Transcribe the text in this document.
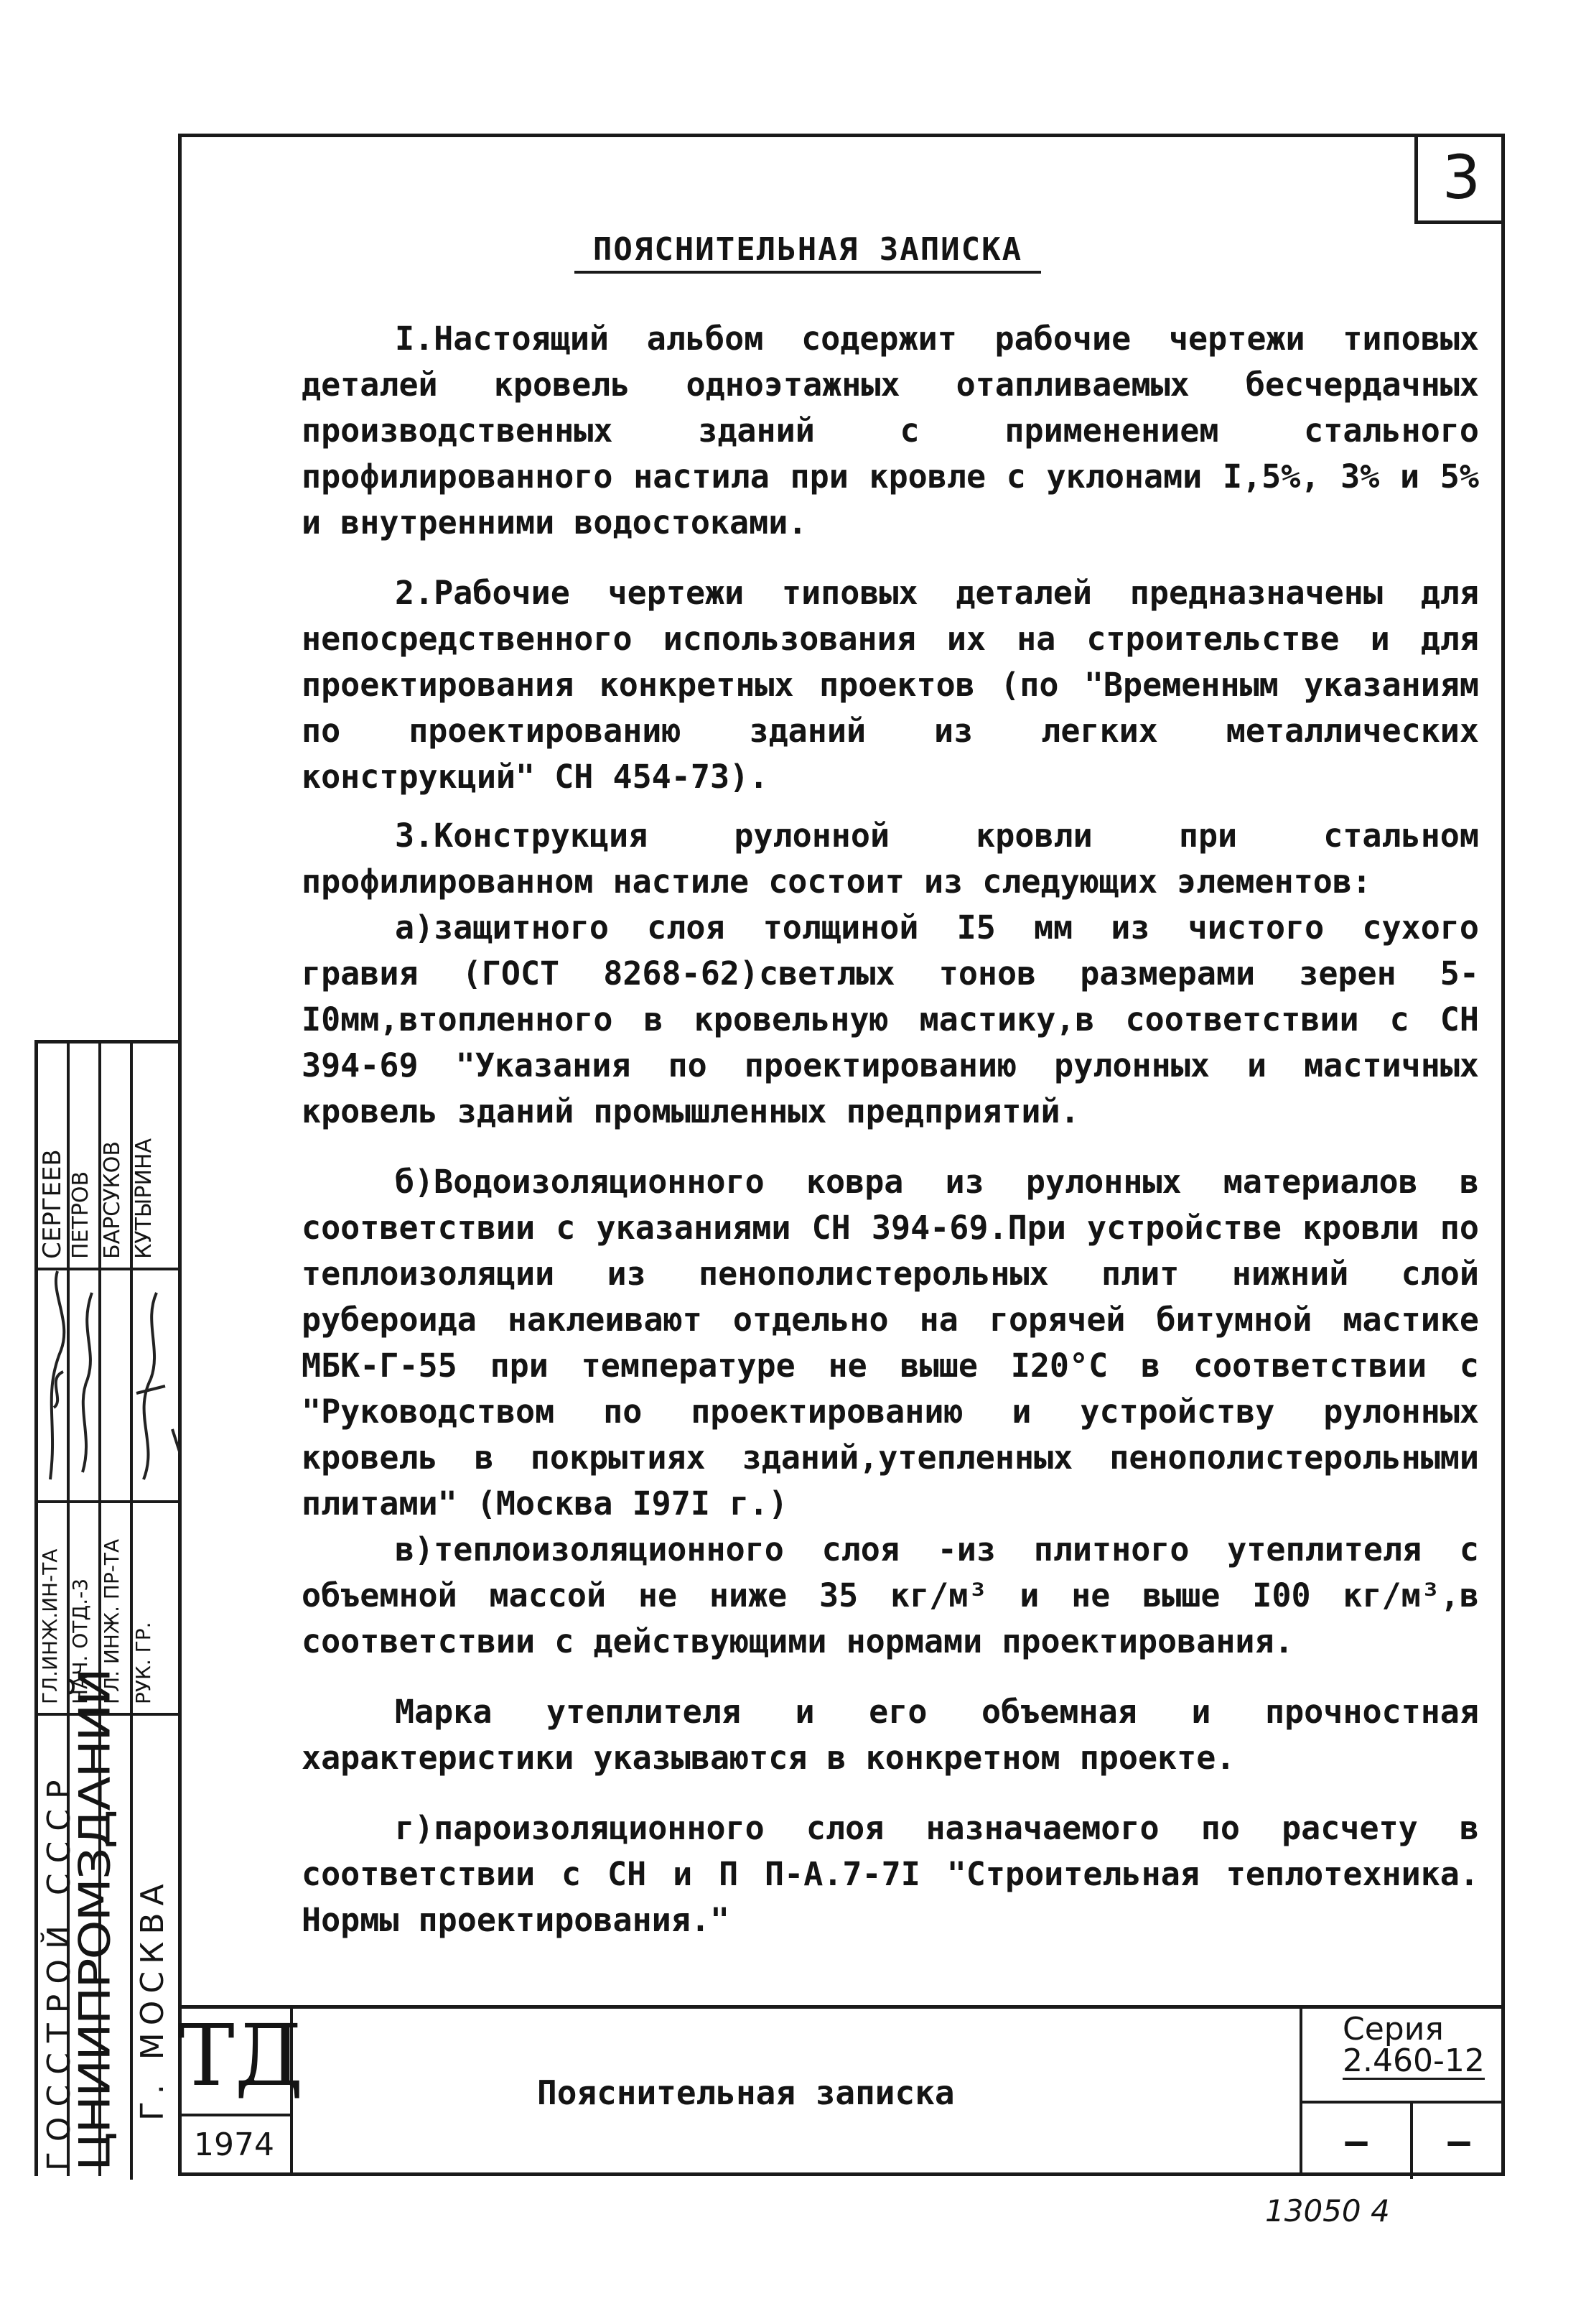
3
ПОЯСНИТЕЛЬНАЯ ЗАПИСКА

I.Настоящий альбом содержит рабочие чертежи типовых деталей кровель одноэтажных отапливаемых бесчердачных производственных зданий с применением стального профилированного настила при кровле с уклонами I,5%, 3% и 5% и внутренними водостоками.

2.Рабочие чертежи типовых деталей предназначены для непосредственного использования их на строительстве и для проектирования конкретных проектов (по "Временным указаниям по проектированию зданий из легких металлических конструкций" СН 454-73).

3.Конструкция рулонной кровли при стальном профилированном настиле состоит из следующих элементов:

а)защитного слоя толщиной I5 мм из чистого сухого гравия (ГОСТ 8268-62)светлых тонов размерами зерен 5-I0мм,втопленного в кровельную мастику,в соответствии с СН 394-69 "Указания по проектированию рулонных и мастичных кровель зданий промышленных предприятий.

б)Водоизоляционного ковра из рулонных материалов в соответствии с указаниями СН 394-69.При устройстве кровли по теплоизоляции из пенополистерольных плит нижний слой рубероида наклеивают отдельно на горячей битумной мастике МБК-Г-55 при температуре не выше I20°С в соответствии с "Руководством по проектированию и устройству рулонных кровель в покрытиях зданий,утепленных пенополистерольными плитами" (Москва I97I г.)

в)теплоизоляционного слоя -из плитного утеплителя с объемной массой не ниже 35 кг/м³ и не выше I00 кг/м³,в соответствии с действующими нормами проектирования.

Марка утеплителя и его объемная и прочностная характеристики указываются в конкретном проекте.

г)пароизоляционного слоя назначаемого по расчету в соответствии с СН и П П-А.7-7I "Строительная теплотехника. Нормы проектирования."

СЕРГЕЕВ ПЕТРОВ БАРСУКОВ КУТЫРИНА
ГЛ.ИНЖ.ИН-ТА НАЧ. ОТД.-3 ГЛ. ИНЖ. ПР-ТА РУК. ГР.
ГОССТРОЙ СССР
ЦНИИПРОМЗДАНИЙ Г. МОСКВА ТД
1974
Пояснительная записка
Серия
2.460-12
—	—
13050 4
